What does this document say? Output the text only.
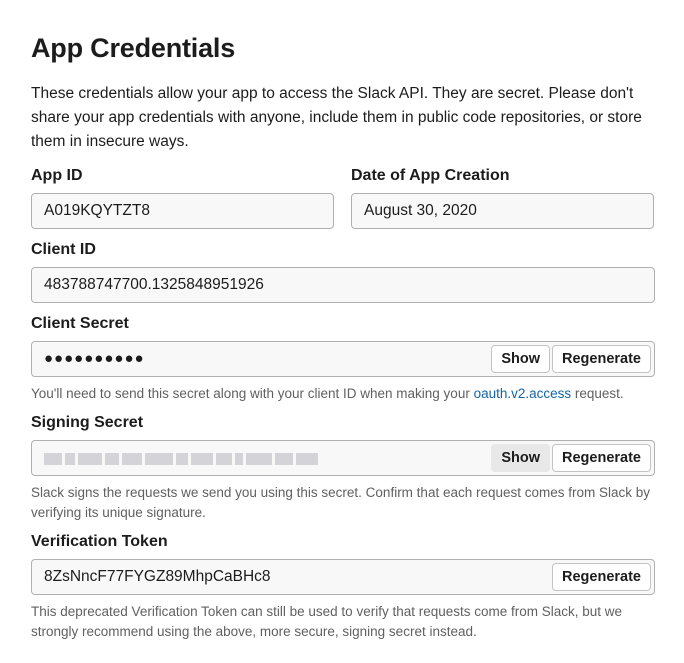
App Credentials

These credentials allow your app to access the Slack API. They are secret. Please don't share your app credentials with anyone, include them in public code repositories, or store them in insecure ways.

App ID
A019KQYTZT8
Date of App Creation
August 30, 2020
Client ID
483788747700.1325848951926
Client Secret
●●●●●●●●●●	Show	Regenerate

You'll need to send this secret along with your client ID when making your oauth.v2.access request.

Signing Secret
Show	Regenerate

Slack signs the requests we send you using this secret. Confirm that each request comes from Slack by verifying its unique signature.

Verification Token
8ZsNncF77FYGZ89MhpCaBHc8	Regenerate

This deprecated Verification Token can still be used to verify that requests come from Slack, but we strongly recommend using the above, more secure, signing secret instead.
